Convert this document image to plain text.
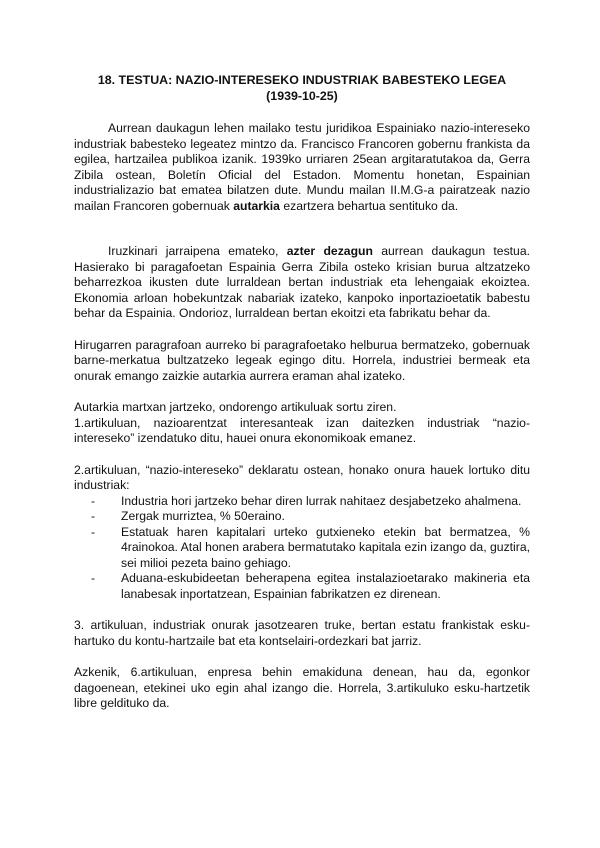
18. TESTUA: NAZIO-INTERESEKO INDUSTRIAK BABESTEKO LEGEA
(1939-10-25)

Aurrean daukagun lehen mailako testu juridikoa Espainiako nazio-intereseko industriak babesteko legeatez mintzo da. Francisco Francoren gobernu frankista da egilea, hartzailea publikoa izanik. 1939ko urriaren 25ean argitaratutakoa da, Gerra Zibila ostean, Boletín Oficial del Estadon. Momentu honetan, Espainian industrializazio bat ematea bilatzen dute. Mundu mailan II.M.G-a pairatzeak nazio mailan Francoren gobernuak autarkia ezartzera behartua sentituko da.

Iruzkinari jarraipena emateko, azter dezagun aurrean daukagun testua. Hasierako bi paragafoetan Espainia Gerra Zibila osteko krisian burua altzatzeko beharrezkoa ikusten dute lurraldean bertan industriak eta lehengaiak ekoiztea. Ekonomia arloan hobekuntzak nabariak izateko, kanpoko inportazioetatik babestu behar da Espainia. Ondorioz, lurraldean bertan ekoitzi eta fabrikatu behar da.

Hirugarren paragrafoan aurreko bi paragrafoetako helburua bermatzeko, gobernuak barne-merkatua bultzatzeko legeak egingo ditu. Horrela, industriei bermeak eta onurak emango zaizkie autarkia aurrera eraman ahal izateko.

Autarkia martxan jartzeko, ondorengo artikuluak sortu ziren.

1.artikuluan, nazioarentzat interesanteak izan daitezken industriak “nazio-intereseko” izendatuko ditu, hauei onura ekonomikoak emanez.

2.artikuluan, “nazio-intereseko” deklaratu ostean, honako onura hauek lortuko ditu industriak:

- Industria hori jartzeko behar diren lurrak nahitaez desjabetzeko ahalmena.
- Zergak murriztea, % 50eraino.
- Estatuak haren kapitalari urteko gutxieneko etekin bat bermatzea, % 4rainokoa. Atal honen arabera bermatutako kapitala ezin izango da, guztira, sei milioi pezeta baino gehiago.
- Aduana-eskubideetan beherapena egitea instalazioetarako makineria eta lanabesak inportatzean, Espainian fabrikatzen ez direnean.

3. artikuluan, industriak onurak jasotzearen truke, bertan estatu frankistak esku-hartuko du kontu-hartzaile bat eta kontselairi-ordezkari bat jarriz.

Azkenik, 6.artikuluan, enpresa behin emakiduna denean, hau da, egonkor dagoenean, etekinei uko egin ahal izango die. Horrela, 3.artikuluko esku-hartzetik libre geldituko da.
